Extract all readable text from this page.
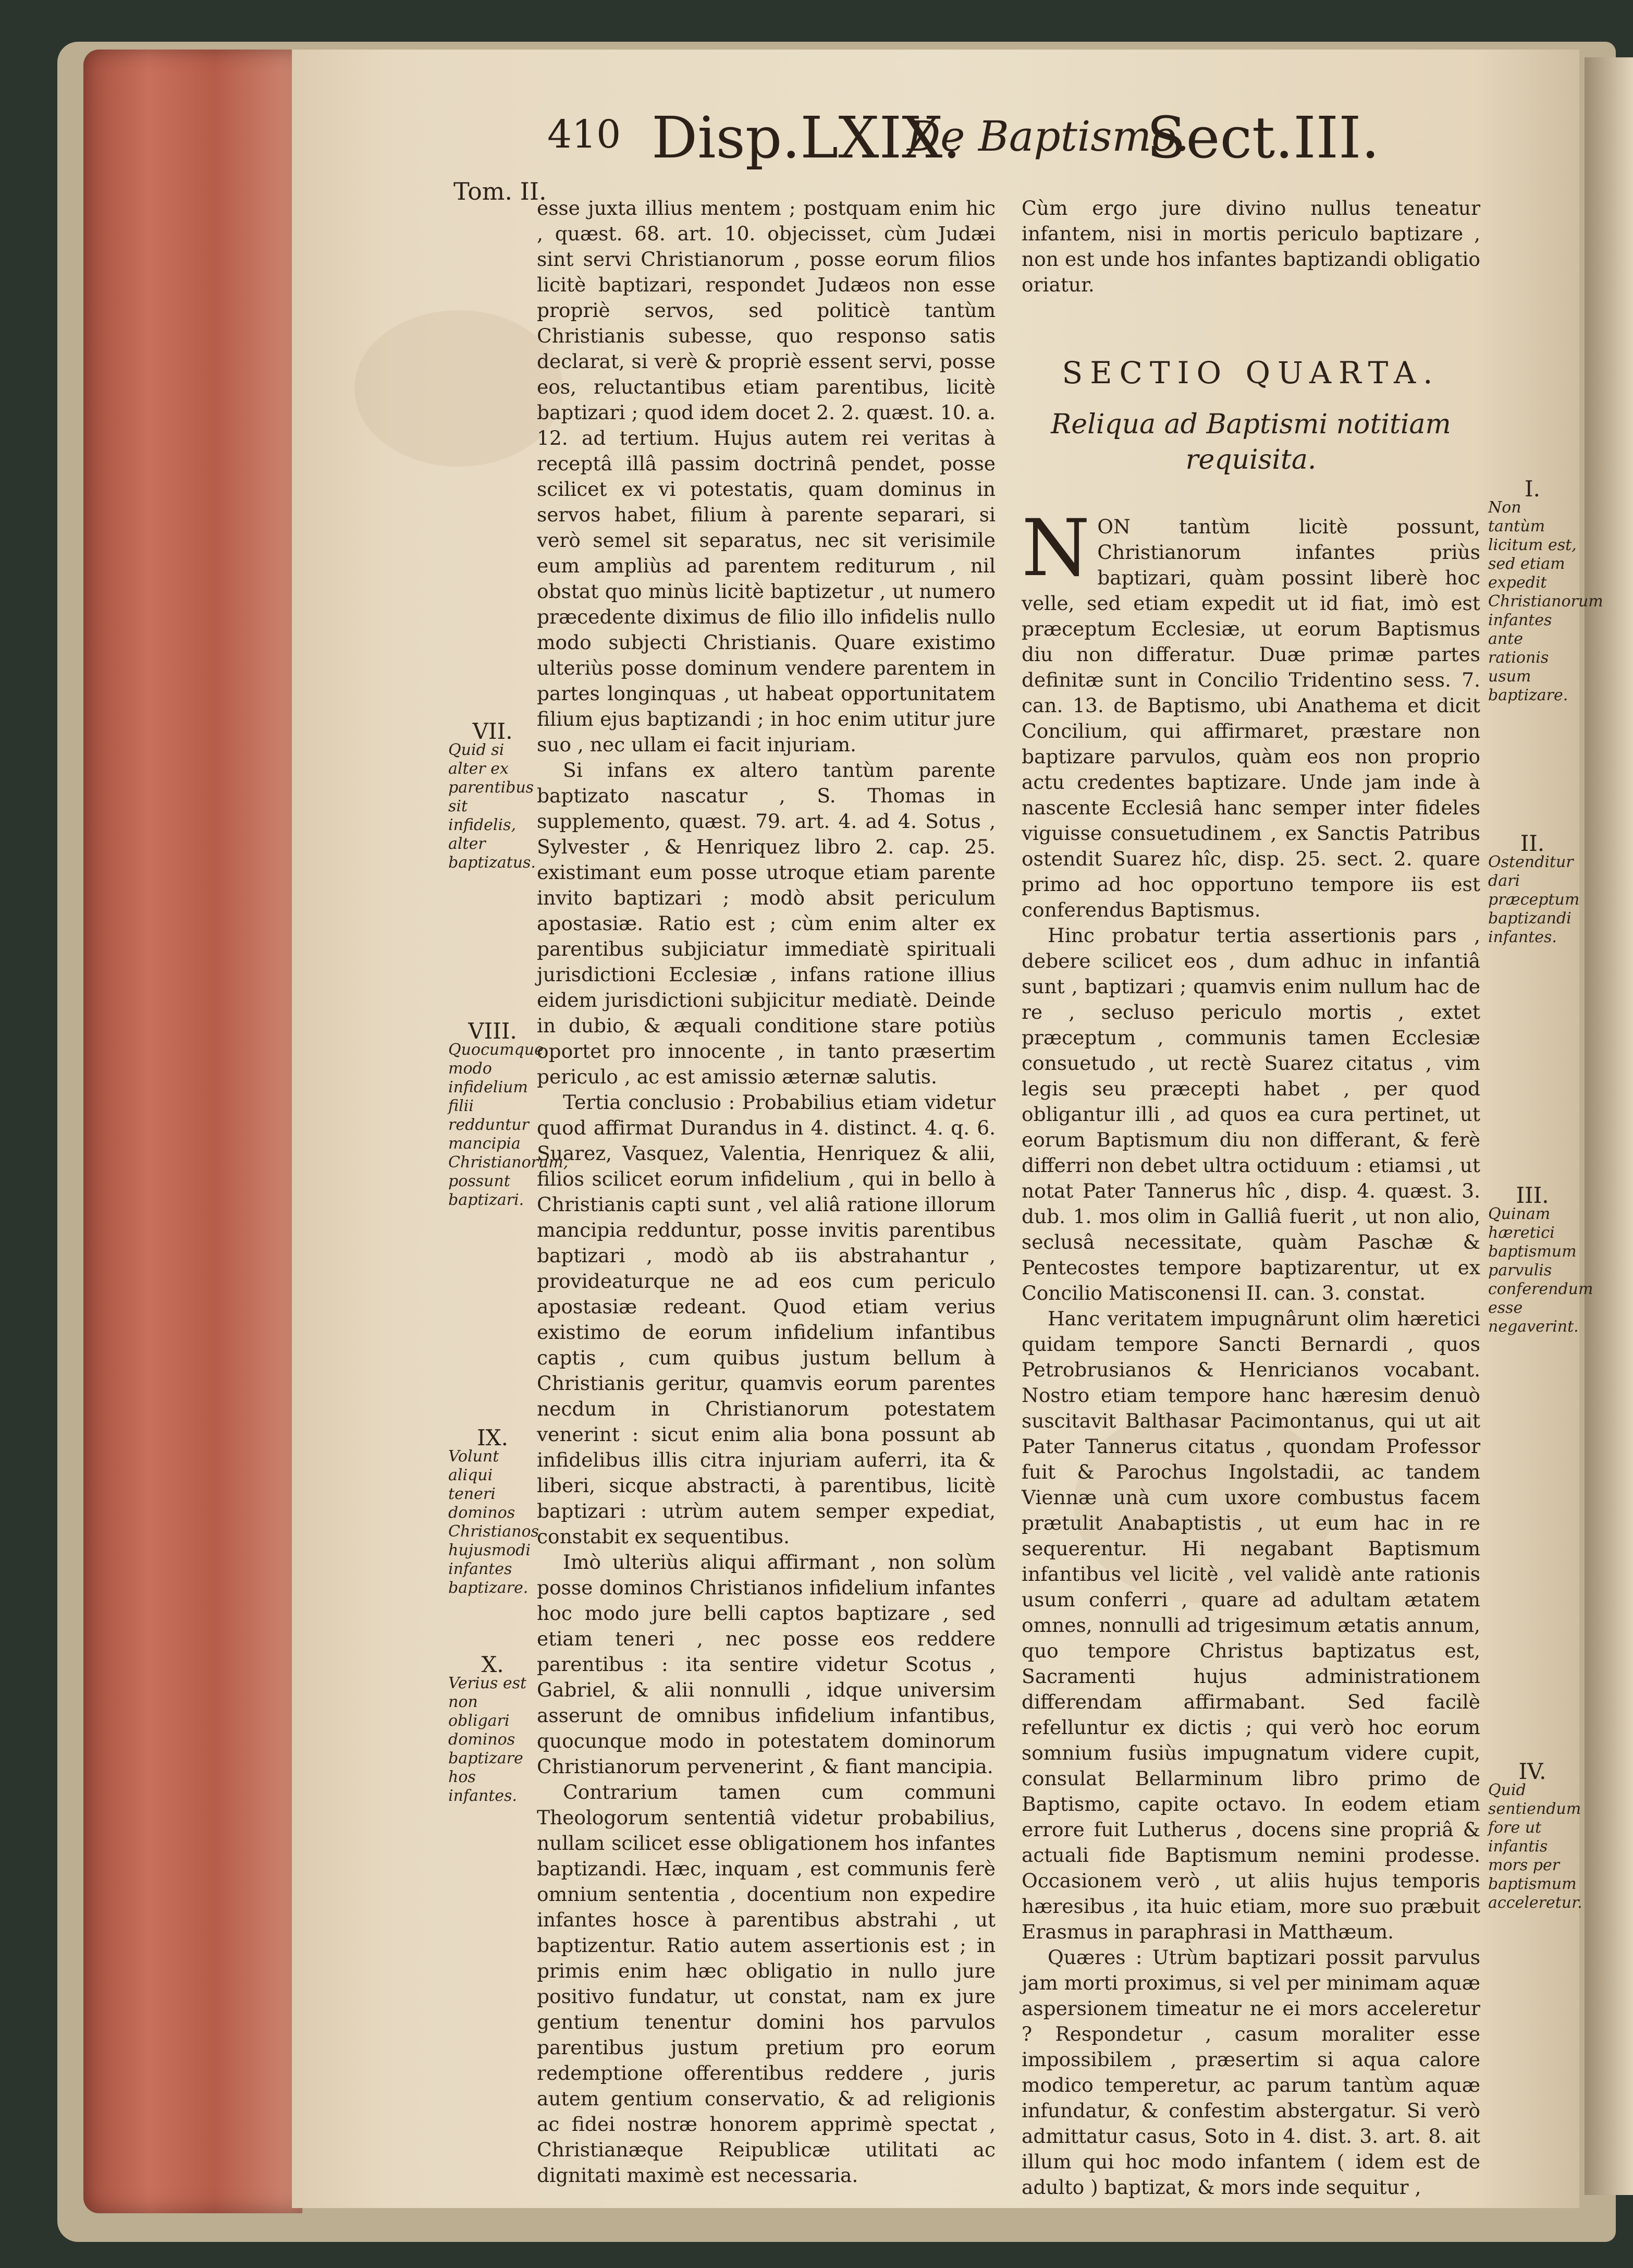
Tom. II.
410 Disp.LXIX.
De Baptismo.
Sect.III.

esse juxta illius mentem ; postquam enim hic , quæst. 68. art. 10. objecisset, cùm Judæi sint servi Christianorum , posse eorum filios licitè baptizari, respondet Judæos non esse propriè servos, sed politicè tantùm Christianis subesse, quo responso satis declarat, si verè & propriè essent servi, posse eos, reluctantibus etiam parentibus, licitè baptizari ; quod idem docet 2. 2. quæst. 10. a. 12. ad tertium. Hujus autem rei veritas à receptâ illâ passim doctrinâ pendet, posse scilicet ex vi potestatis, quam dominus in servos habet, filium à parente separari, si verò semel sit separatus, nec sit verisimile eum ampliùs ad parentem rediturum , nil obstat quo minùs licitè baptizetur , ut numero præcedente diximus de filio illo infidelis nullo modo subjecti Christianis. Quare existimo ulteriùs posse dominum vendere parentem in partes longinquas , ut habeat opportunitatem filium ejus baptizandi ; in hoc enim utitur jure suo , nec ullam ei facit injuriam.

Si infans ex altero tantùm parente baptizato nascatur , S. Thomas in supplemento, quæst. 79. art. 4. ad 4. Sotus , Sylvester , & Henriquez libro 2. cap. 25. existimant eum posse utroque etiam parente invito baptizari ; modò absit periculum apostasiæ. Ratio est ; cùm enim alter ex parentibus subjiciatur immediatè spirituali jurisdictioni Ecclesiæ , infans ratione illius eidem jurisdictioni subjicitur mediatè. Deinde in dubio, & æquali conditione stare potiùs oportet pro innocente , in tanto præsertim periculo , ac est amissio æternæ salutis.

Tertia conclusio : Probabilius etiam videtur quod affirmat Durandus in 4. distinct. 4. q. 6. Suarez, Vasquez, Valentia, Henriquez & alii, filios scilicet eorum infidelium , qui in bello à Christianis capti sunt , vel aliâ ratione illorum mancipia redduntur, posse invitis parentibus baptizari , modò ab iis abstrahantur , provideaturque ne ad eos cum periculo apostasiæ redeant. Quod etiam verius existimo de eorum infidelium infantibus captis , cum quibus justum bellum à Christianis geritur, quamvis eorum parentes necdum in Christianorum potestatem venerint : sicut enim alia bona possunt ab infidelibus illis citra injuriam auferri, ita & liberi, sicque abstracti, à parentibus, licitè baptizari : utrùm autem semper expediat, constabit ex sequentibus.

Imò ulteriùs aliqui affirmant , non solùm posse dominos Christianos infidelium infantes hoc modo jure belli captos baptizare , sed etiam teneri , nec posse eos reddere parentibus : ita sentire videtur Scotus , Gabriel, & alii nonnulli , idque universim asserunt de omnibus infidelium infantibus, quocunque modo in potestatem dominorum Christianorum pervenerint , & fiant mancipia.

Contrarium tamen cum communi Theologorum sententiâ videtur probabilius, nullam scilicet esse obligationem hos infantes baptizandi. Hæc, inquam , est communis ferè omnium sententia , docentium non expedire infantes hosce à parentibus abstrahi , ut baptizentur. Ratio autem assertionis est ; in primis enim hæc obligatio in nullo jure positivo fundatur, ut constat, nam ex jure gentium tenentur domini hos parvulos parentibus justum pretium pro eorum redemptione offerentibus reddere , juris autem gentium conservatio, & ad religionis ac fidei nostræ honorem apprimè spectat , Christianæque Reipublicæ utilitati ac dignitati maximè est necessaria.

VII.
Quid si alter ex parentibus sit infidelis, alter baptizatus.
VIII.
Quocumque modo infidelium filii redduntur mancipia Christianorum, possunt baptizari.
IX.
Volunt aliqui teneri dominos Christianos hujusmodi infantes baptizare.
X.
Verius est non obligari dominos baptizare hos infantes.

Cùm ergo jure divino nullus teneatur infantem, nisi in mortis periculo baptizare , non est unde hos infantes baptizandi obligatio oriatur.

SECTIO QUARTA.
Reliqua ad Baptismi notitiam requisita.

NON tantùm licitè possunt, Christianorum infantes priùs baptizari, quàm possint liberè hoc velle, sed etiam expedit ut id fiat, imò est præceptum Ecclesiæ, ut eorum Baptismus diu non differatur. Duæ primæ partes definitæ sunt in Concilio Tridentino sess. 7. can. 13. de Baptismo, ubi Anathema et dicit Concilium, qui affirmaret, præstare non baptizare parvulos, quàm eos non proprio actu credentes baptizare. Unde jam inde à nascente Ecclesiâ hanc semper inter fideles viguisse consuetudinem , ex Sanctis Patribus ostendit Suarez hîc, disp. 25. sect. 2. quare primo ad hoc opportuno tempore iis est conferendus Baptismus.

Hinc probatur tertia assertionis pars , debere scilicet eos , dum adhuc in infantiâ sunt , baptizari ; quamvis enim nullum hac de re , secluso periculo mortis , extet præceptum , communis tamen Ecclesiæ consuetudo , ut rectè Suarez citatus , vim legis seu præcepti habet , per quod obligantur illi , ad quos ea cura pertinet, ut eorum Baptismum diu non differant, & ferè differri non debet ultra octiduum : etiamsi , ut notat Pater Tannerus hîc , disp. 4. quæst. 3. dub. 1. mos olim in Galliâ fuerit , ut non alio, seclusâ necessitate, quàm Paschæ & Pentecostes tempore baptizarentur, ut ex Concilio Matisconensi II. can. 3. constat.

Hanc veritatem impugnârunt olim hæretici quidam tempore Sancti Bernardi , quos Petrobrusianos & Henricianos vocabant. Nostro etiam tempore hanc hæresim denuò suscitavit Balthasar Pacimontanus, qui ut ait Pater Tannerus citatus , quondam Professor fuit & Parochus Ingolstadii, ac tandem Viennæ unà cum uxore combustus facem prætulit Anabaptistis , ut eum hac in re sequerentur. Hi negabant Baptismum infantibus vel licitè , vel validè ante rationis usum conferri , quare ad adultam ætatem omnes, nonnulli ad trigesimum ætatis annum, quo tempore Christus baptizatus est, Sacramenti hujus administrationem differendam affirmabant. Sed facilè refelluntur ex dictis ; qui verò hoc eorum somnium fusiùs impugnatum videre cupit, consulat Bellarminum libro primo de Baptismo, capite octavo. In eodem etiam errore fuit Lutherus , docens sine propriâ & actuali fide Baptismum nemini prodesse. Occasionem verò , ut aliis hujus temporis hæresibus , ita huic etiam, more suo præbuit Erasmus in paraphrasi in Matthæum.

Quæres : Utrùm baptizari possit parvulus jam morti proximus, si vel per minimam aquæ aspersionem timeatur ne ei mors acceleretur ? Respondetur , casum moraliter esse impossibilem , præsertim si aqua calore modico temperetur, ac parum tantùm aquæ infundatur, & confestim abstergatur. Si verò admittatur casus, Soto in 4. dist. 3. art. 8. ait illum qui hoc modo infantem ( idem est de adulto ) baptizat, & mors inde sequitur ,

I.
Non tantùm licitum est, sed etiam expedit Christianorum infantes ante rationis usum baptizare.
II.
Ostenditur dari præceptum baptizandi infantes.
III.
Quinam hæretici baptismum parvulis conferendum esse negaverint.
IV.
Quid sentiendum fore ut infantis mors per baptismum acceleretur.
